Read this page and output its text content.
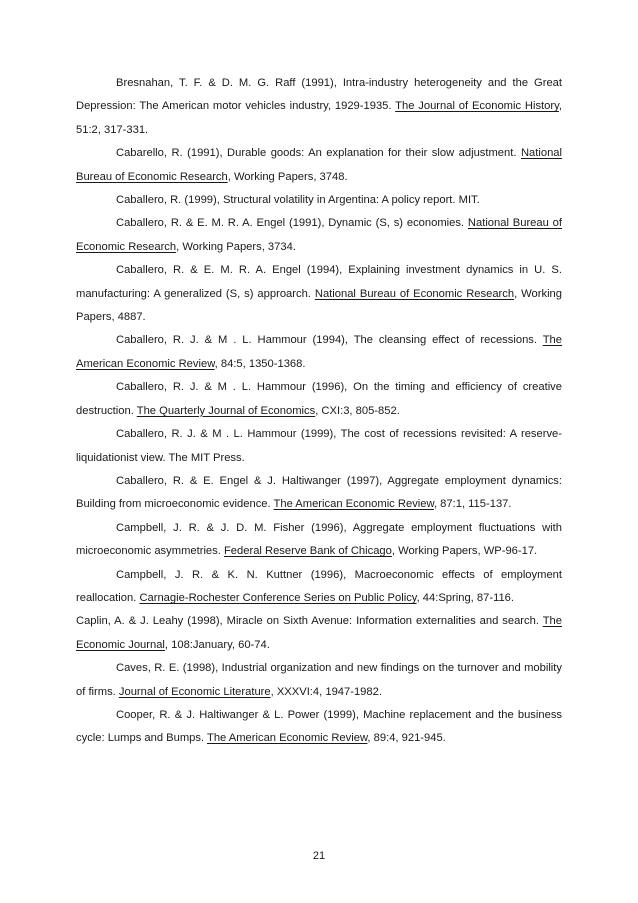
Bresnahan, T. F. & D. M. G. Raff (1991), Intra-industry heterogeneity and the Great Depression: The American motor vehicles industry, 1929-1935. The Journal of Economic History, 51:2, 317-331.

Cabarello, R. (1991), Durable goods: An explanation for their slow adjustment. National Bureau of Economic Research, Working Papers, 3748.

Caballero, R. (1999), Structural volatility in Argentina: A policy report. MIT.

Caballero, R. & E. M. R. A. Engel (1991), Dynamic (S, s) economies. National Bureau of Economic Research, Working Papers, 3734.

Caballero, R. & E. M. R. A. Engel (1994), Explaining investment dynamics in U. S. manufacturing: A generalized (S, s) approarch. National Bureau of Economic Research, Working Papers, 4887.

Caballero, R. J. & M . L. Hammour (1994), The cleansing effect of recessions. The American Economic Review, 84:5, 1350-1368.

Caballero, R. J. & M . L. Hammour (1996), On the timing and efficiency of creative destruction. The Quarterly Journal of Economics, CXI:3, 805-852.

Caballero, R. J. & M . L. Hammour (1999), The cost of recessions revisited: A reserve-liquidationist view. The MIT Press.

Caballero, R. & E. Engel & J. Haltiwanger (1997), Aggregate employment dynamics: Building from microeconomic evidence. The American Economic Review, 87:1, 115-137.

Campbell, J. R. & J. D. M. Fisher (1996), Aggregate employment fluctuations with microeconomic asymmetries. Federal Reserve Bank of Chicago, Working Papers, WP-96-17.

Campbell, J. R. & K. N. Kuttner (1996), Macroeconomic effects of employment reallocation. Carnagie-Rochester Conference Series on Public Policy, 44:Spring, 87-116.

Caplin, A. & J. Leahy (1998), Miracle on Sixth Avenue: Information externalities and search. The Economic Journal, 108:January, 60-74.

Caves, R. E. (1998), Industrial organization and new findings on the turnover and mobility of firms. Journal of Economic Literature, XXXVI:4, 1947-1982.

Cooper, R. & J. Haltiwanger & L. Power (1999), Machine replacement and the business cycle: Lumps and Bumps. The American Economic Review, 89:4, 921-945.

21
